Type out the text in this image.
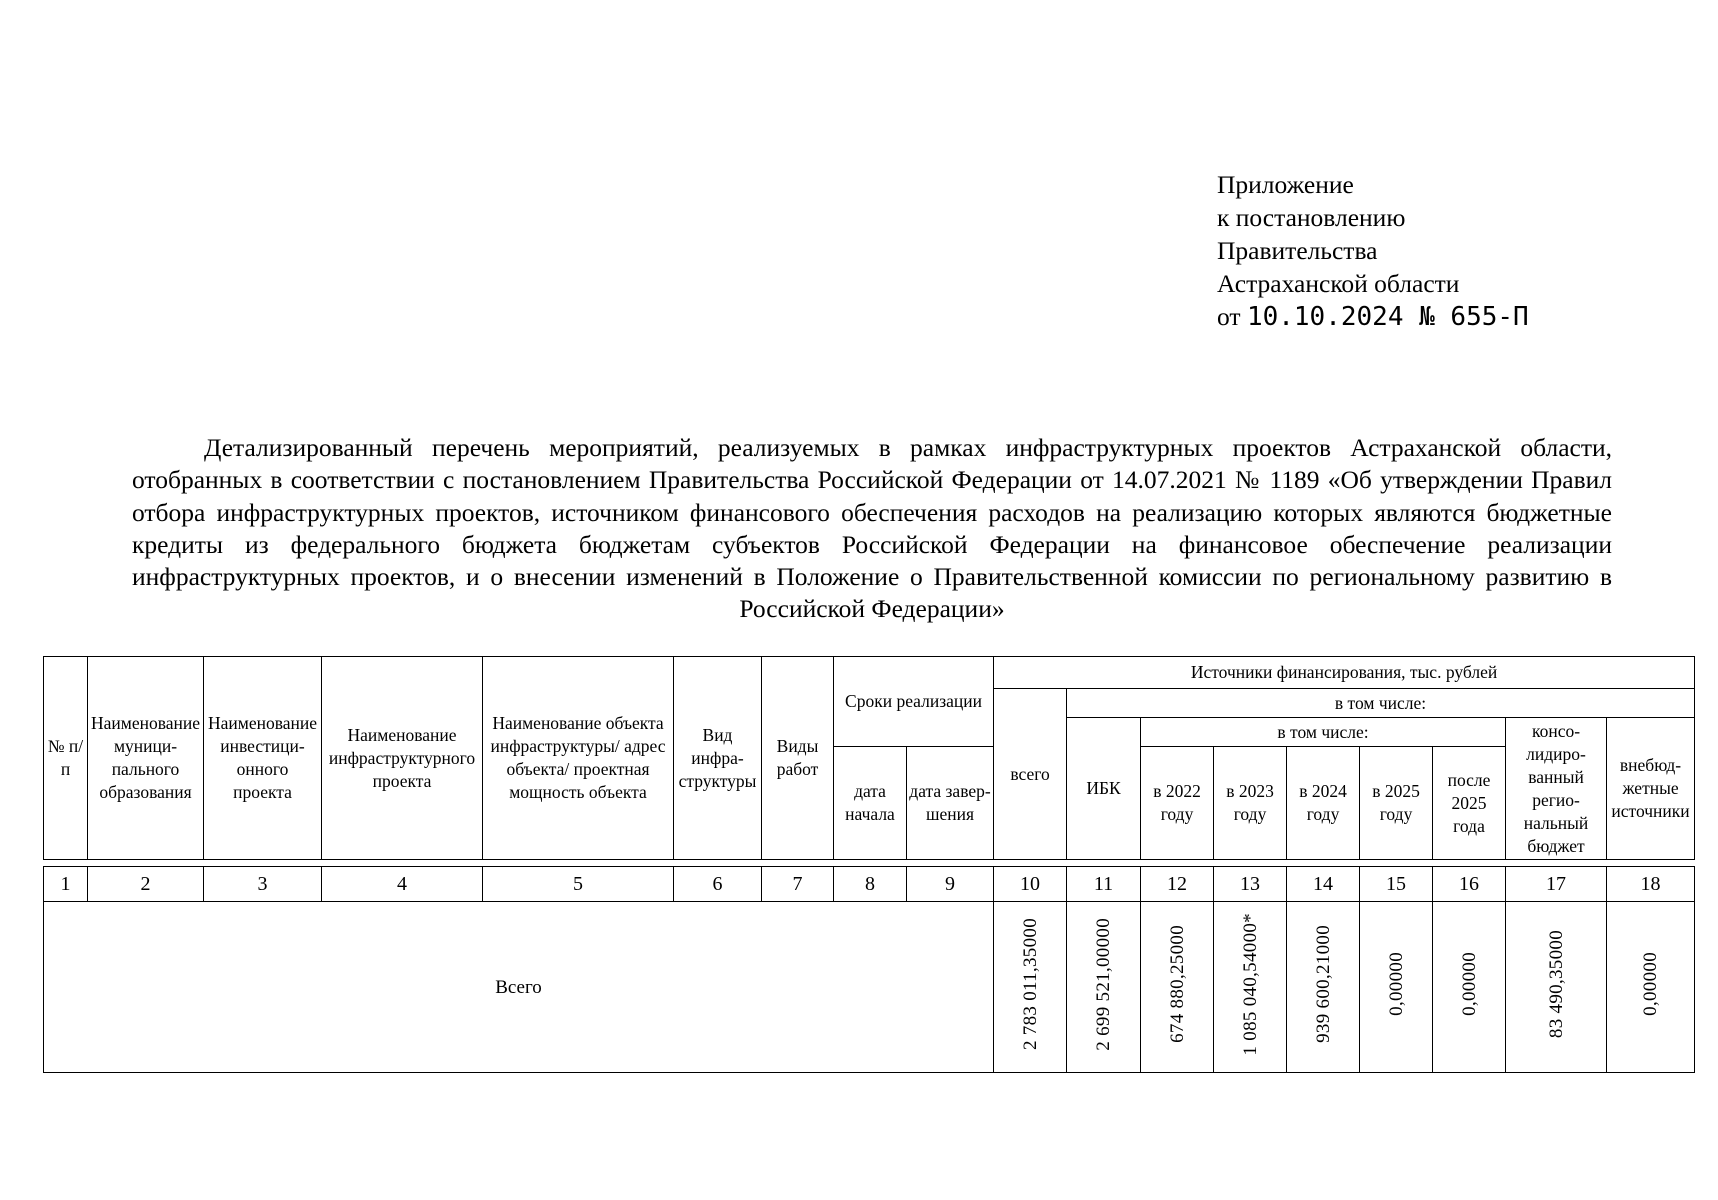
Приложение
к постановлению
Правительства
Астраханской области
от 10.10.2024 № 655-П
Детализированный перечень мероприятий, реализуемых в рамках инфраструктурных проектов Астраханской области, отобранных в соответствии с постановлением Правительства Российской Федерации от 14.07.2021 № 1189 «Об утверждении Правил отбора инфраструктурных проектов, источником финансового обеспечения расходов на реализацию которых являются бюджетные кредиты из федерального бюджета бюджетам субъектов Российской Федерации на финансовое обеспечение реализации инфраструктурных проектов, и о внесении изменений в Положение о Правительственной комиссии по региональному развитию в Российской Федерации»
№ п/п	Наименование муниципального образования	Наименование инвестиционного проекта	Наименование инфраструктурного проекта	Наименование объекта инфраструктуры/ адрес объекта/ проектная мощность объекта	Вид инфраструктуры	Виды работ	Сроки реализации		Источники финансирования, тыс. рублей								
									всего	в том числе:							
										ИБК	в том числе:					консолидированный региональный бюджет	внебюджетные источники
							дата начала	дата завершения			в 2022 году	в 2023 году	в 2024 году	в 2025 году	после 2025 года		

1	2	3	4	5	6	7	8	9	10	11	12	13	14	15	16	17	18
Всего									2 783 011,35000	2 699 521,00000	674 880,25000	1 085 040,54000*	939 600,21000	0,00000	0,00000	83 490,35000	0,00000
